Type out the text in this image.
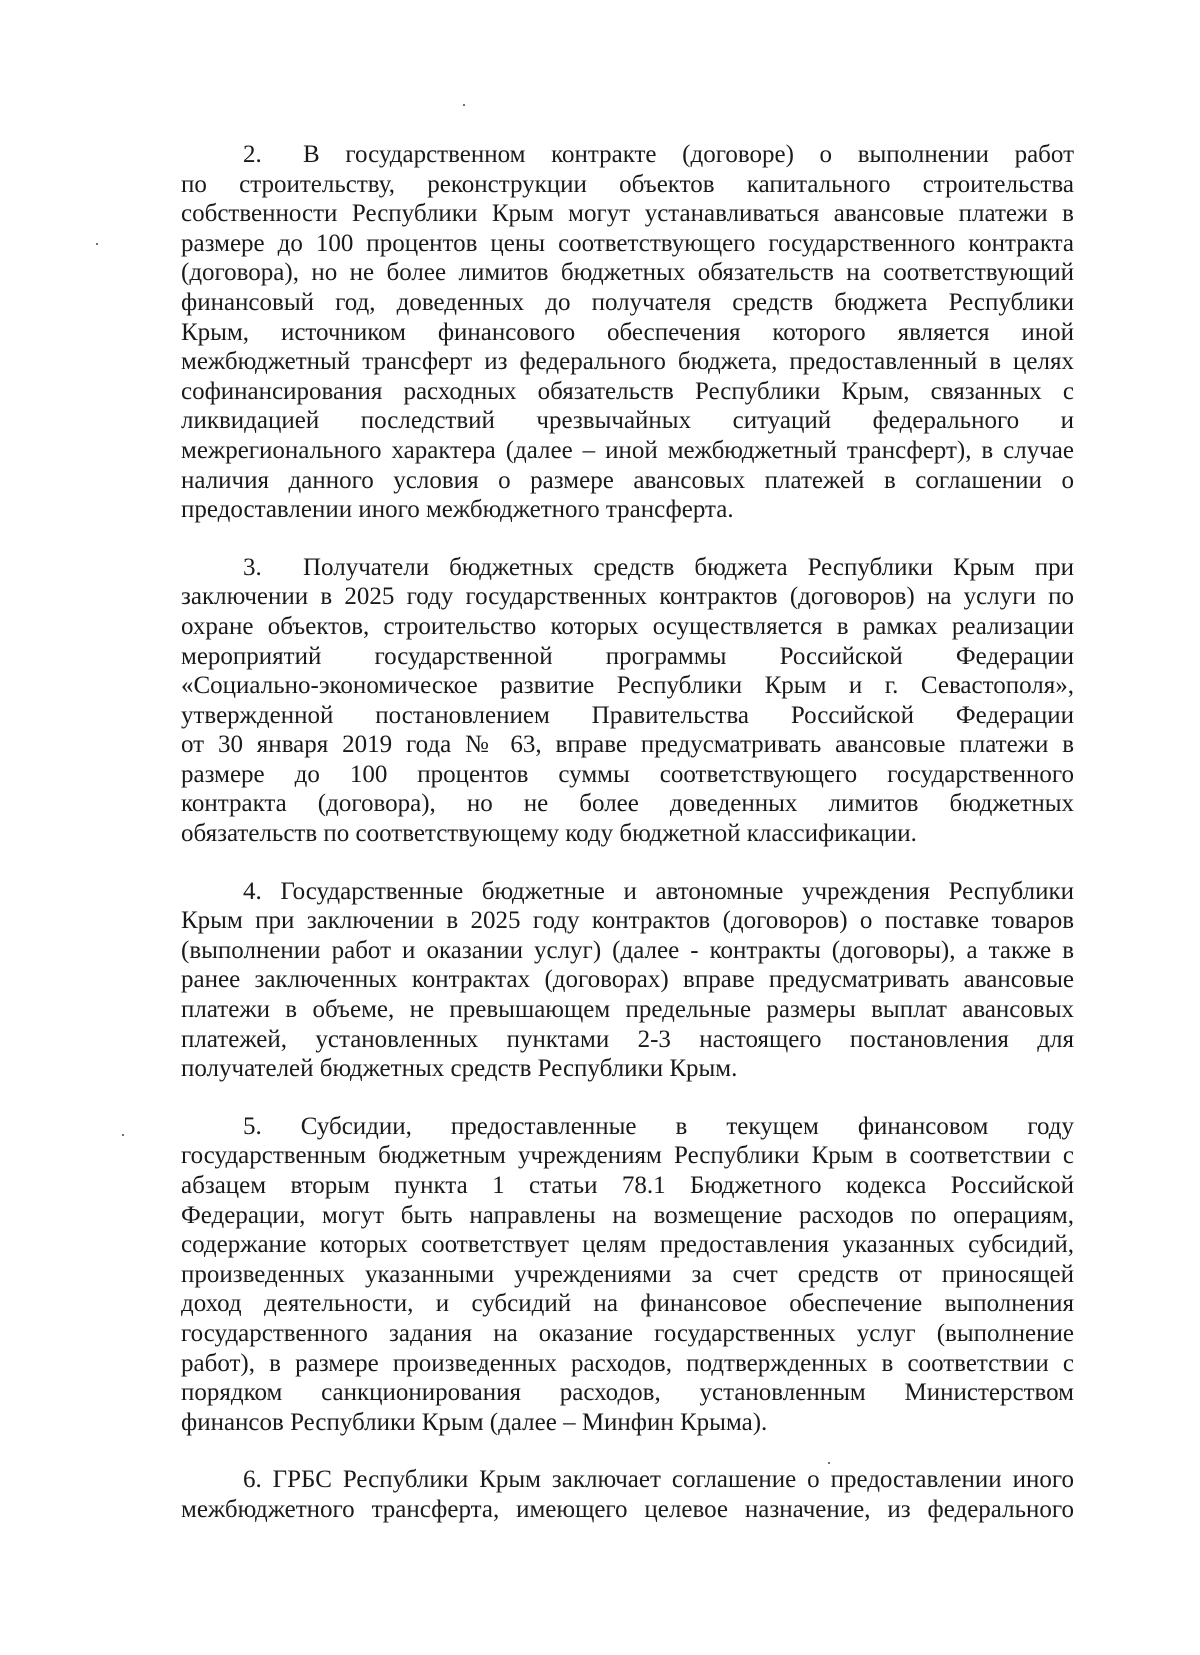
2. В государственном контракте (договоре) о выполнении работ
по строительству, реконструкции объектов капитального строительства
собственности Республики Крым могут устанавливаться авансовые платежи в
размере до 100 процентов цены соответствующего государственного контракта
(договора), но не более лимитов бюджетных обязательств на соответствующий
финансовый год, доведенных до получателя средств бюджета Республики
Крым, источником финансового обеспечения которого является иной
межбюджетный трансферт из федерального бюджета, предоставленный в целях
софинансирования расходных обязательств Республики Крым, связанных с
ликвидацией последствий чрезвычайных ситуаций федерального и
межрегионального характера (далее – иной межбюджетный трансферт), в случае
наличия данного условия о размере авансовых платежей в соглашении о
предоставлении иного межбюджетного трансферта.
3. Получатели бюджетных средств бюджета Республики Крым при
заключении в 2025 году государственных контрактов (договоров) на услуги по
охране объектов, строительство которых осуществляется в рамках реализации
мероприятий государственной программы Российской Федерации
«Социально-экономическое развитие Республики Крым и г. Севастополя»,
утвержденной постановлением Правительства Российской Федерации
от 30 января 2019 года № 63, вправе предусматривать авансовые платежи в
размере до 100 процентов суммы соответствующего государственного
контракта (договора), но не более доведенных лимитов бюджетных
обязательств по соответствующему коду бюджетной классификации.
4. Государственные бюджетные и автономные учреждения Республики
Крым при заключении в 2025 году контрактов (договоров) о поставке товаров
(выполнении работ и оказании услуг) (далее - контракты (договоры), а также в
ранее заключенных контрактах (договорах) вправе предусматривать авансовые
платежи в объеме, не превышающем предельные размеры выплат авансовых
платежей, установленных пунктами 2-3 настоящего постановления для
получателей бюджетных средств Республики Крым.
5. Субсидии, предоставленные в текущем финансовом году
государственным бюджетным учреждениям Республики Крым в соответствии с
абзацем вторым пункта 1 статьи 78.1 Бюджетного кодекса Российской
Федерации, могут быть направлены на возмещение расходов по операциям,
содержание которых соответствует целям предоставления указанных субсидий,
произведенных указанными учреждениями за счет средств от приносящей
доход деятельности, и субсидий на финансовое обеспечение выполнения
государственного задания на оказание государственных услуг (выполнение
работ), в размере произведенных расходов, подтвержденных в соответствии с
порядком санкционирования расходов, установленным Министерством
финансов Республики Крым (далее – Минфин Крыма).
6. ГРБС Республики Крым заключает соглашение о предоставлении иного
межбюджетного трансферта, имеющего целевое назначение, из федерального
